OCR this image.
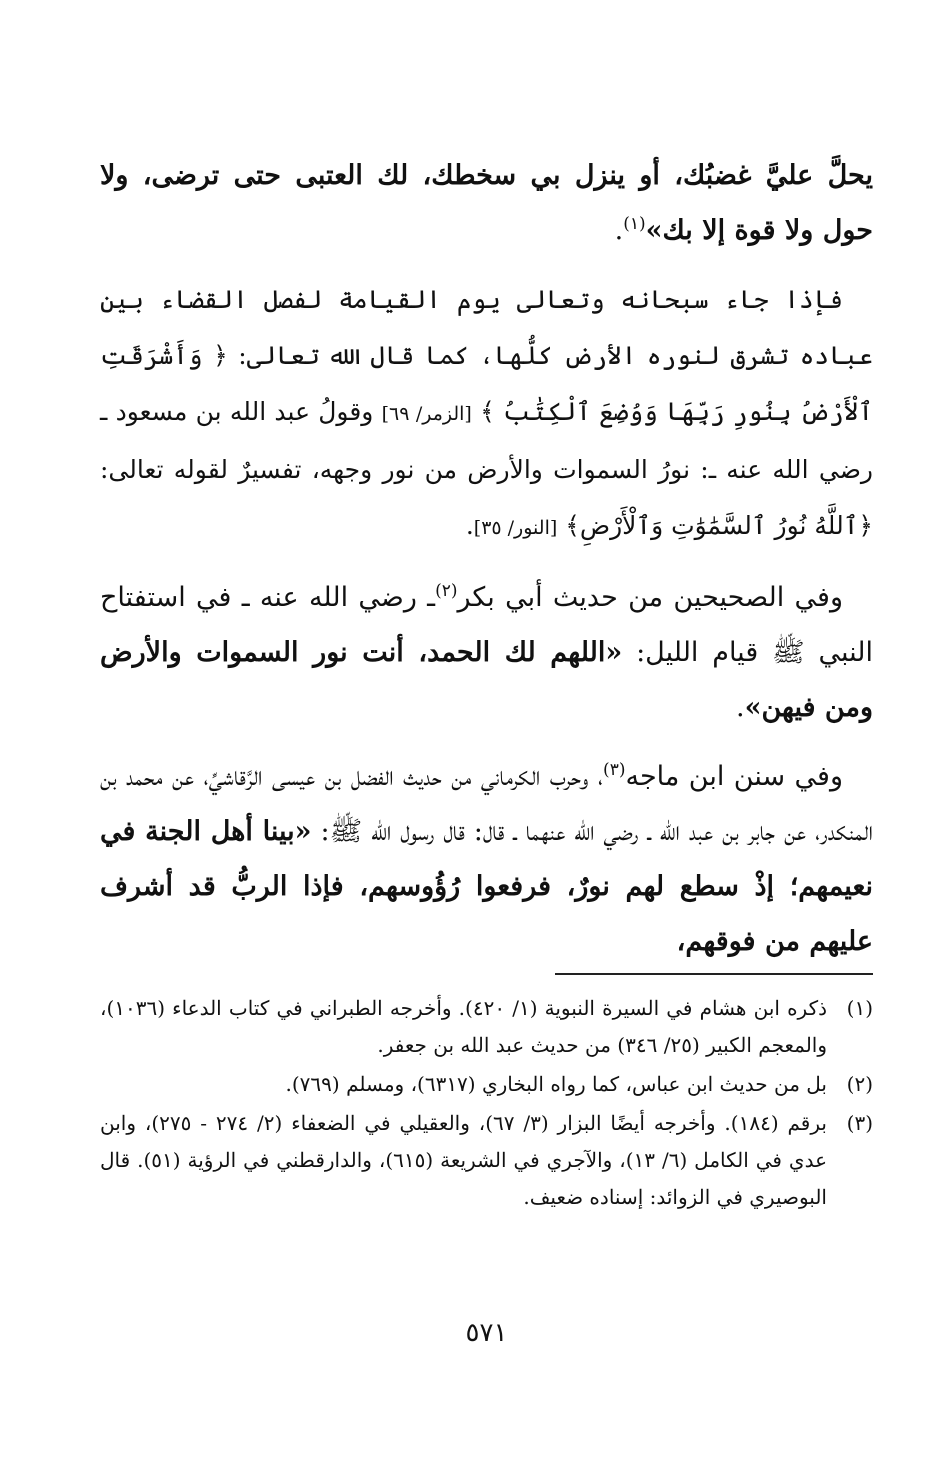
يحلَّ عليَّ غضبُك، أو ينزل بي سخطك، لك العتبى حتى ترضى، ولا حول ولا قوة إلا بك»$^{(١)}$.

فإذا جاء سبحانه وتعالى يوم القيامة لفصل القضاء بين عباده تشرق لنوره الأرض كلُّها، كما قال الله تعالى: ﴿ وَأَشْرَقَتِ ٱلْأَرْضُ بِنُورِ رَبِّهَا وَوُضِعَ ٱلْكِتَٰبُ ﴾ [الزمر/ ٦٩] وقولُ عبد الله بن مسعود ـ رضي الله عنه ـ: نورُ السموات والأرض من نور وجهه، تفسيرٌ لقوله تعالى: ﴿ٱللَّهُ نُورُ ٱلسَّمَٰوَٰتِ وَٱلْأَرْضِ﴾ [النور/ ٣٥].

وفي الصحيحين من حديث أبي بكر$^{(٢)}$ـ رضي الله عنه ـ في استفتاح النبي ﷺ قيام الليل: «اللهم لك الحمد، أنت نور السموات والأرض ومن فيهن».

وفي سنن ابن ماجه$^{(٣)}$، وحرب الكرماني من حديث الفضل بن عيسى الرَّقاشيِّ، عن محمد بن المنكدر، عن جابر بن عبد الله ـ رضي الله عنهما ـ قال: قال رسول الله ﷺ: «بينا أهل الجنة في نعيمهم؛ إذْ سطع لهم نورٌ، فرفعوا رُؤُوسهم، فإذا الربُّ قد أشرف عليهم من فوقهم،

(١)
ذكره ابن هشام في السيرة النبوية (١/ ٤٢٠). وأخرجه الطبراني في كتاب الدعاء (١٠٣٦)، والمعجم الكبير (٢٥/ ٣٤٦) من حديث عبد الله بن جعفر.
(٢)
بل من حديث ابن عباس، كما رواه البخاري (٦٣١٧)، ومسلم (٧٦٩).
(٣)
برقم (١٨٤). وأخرجه أيضًا البزار (٣/ ٦٧)، والعقيلي في الضعفاء (٢/ ٢٧٤ - ٢٧٥)، وابن عدي في الكامل (٦/ ١٣)، والآجري في الشريعة (٦١٥)، والدارقطني في الرؤية (٥١). قال البوصيري في الزوائد: إسناده ضعيف.
٥٧١
